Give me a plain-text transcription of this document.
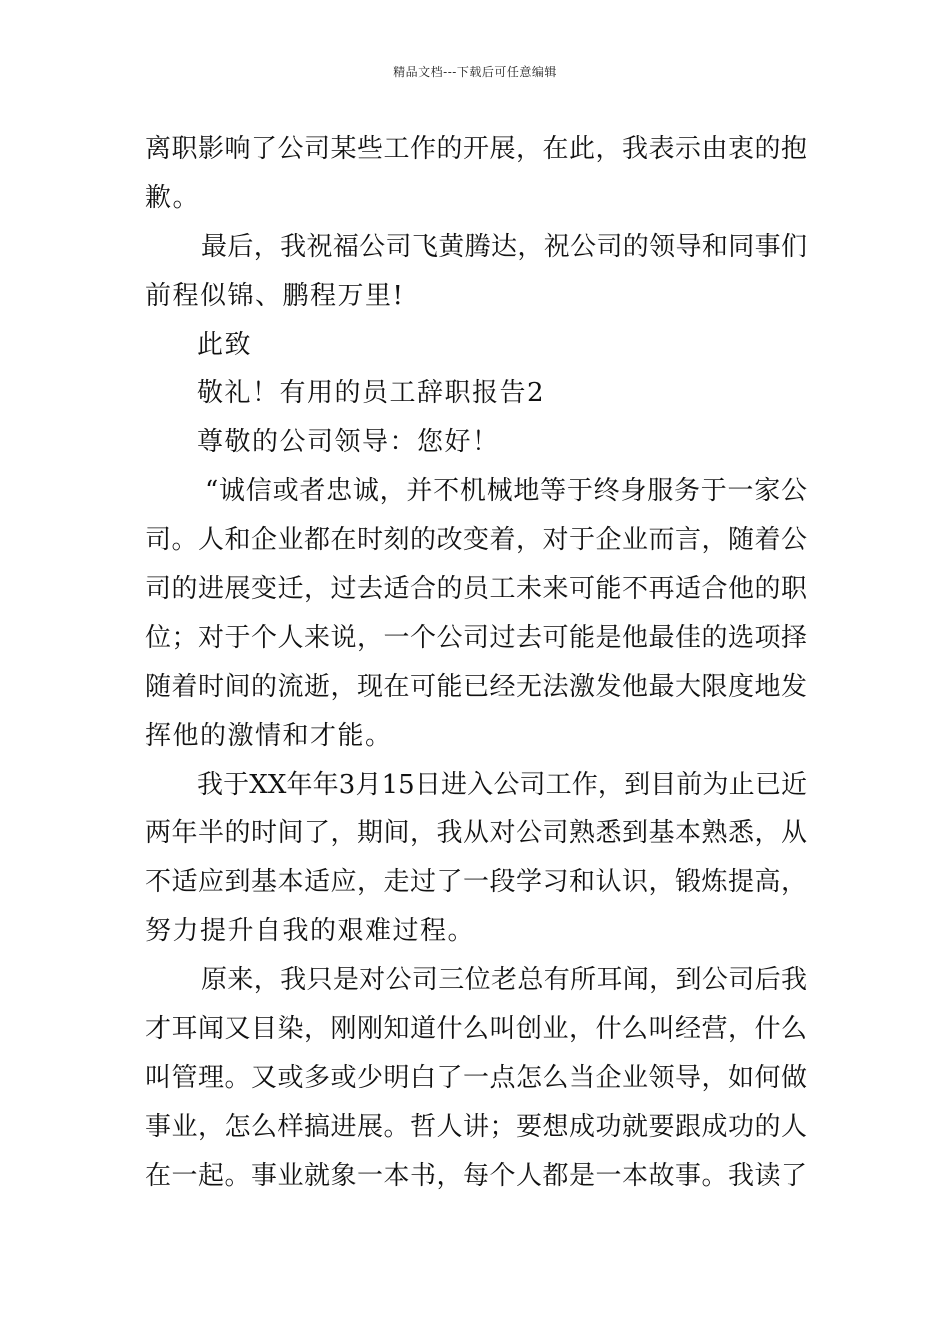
精品文档---下载后可任意编辑

离职影响了公司某些工作的开展，在此，我表示由衷的抱

歉。

最后，我祝福公司飞黄腾达，祝公司的领导和同事们

前程似锦、鹏程万里!

此致

敬礼！有用的员工辞职报告2

尊敬的公司领导：您好！

“诚信或者忠诚，并不机械地等于终身服务于一家公

司。人和企业都在时刻的改变着，对于企业而言，随着公

司的进展变迁，过去适合的员工未来可能不再适合他的职

位；对于个人来说，一个公司过去可能是他最佳的选项择

随着时间的流逝，现在可能已经无法激发他最大限度地发

挥他的激情和才能。

我于XX年年3月15日进入公司工作，到目前为止已近

两年半的时间了，期间，我从对公司熟悉到基本熟悉，从

不适应到基本适应，走过了一段学习和认识，锻炼提高，

努力提升自我的艰难过程。

原来，我只是对公司三位老总有所耳闻，到公司后我

才耳闻又目染，刚刚知道什么叫创业，什么叫经营，什么

叫管理。又或多或少明白了一点怎么当企业领导，如何做

事业，怎么样搞进展。哲人讲；要想成功就要跟成功的人

在一起。事业就象一本书，每个人都是一本故事。我读了
